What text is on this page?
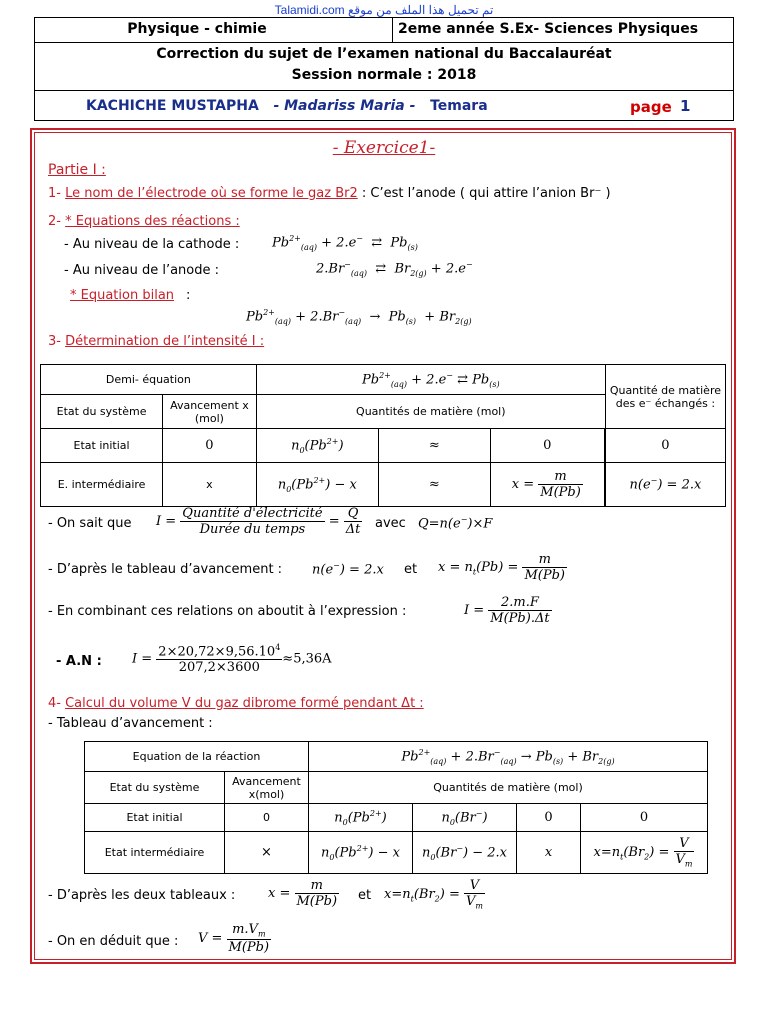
Talamidi.com تم تحميل هذا الملف من موقع
Physique - chimie	2eme année S.Ex- Sciences Physiques
Correction du sujet de l’examen national du Baccalauréat
Session normale : 2018
KACHICHE MUSTAPHA - Madariss Maria - Temara	page 1
- Exercice1-
Partie I :
1- Le nom de l’électrode où se forme le gaz Br2 : C’est l’anode ( qui attire l’anion Br⁻ )
2- * Equations des réactions :
- Au niveau de la cathode :	$Pb^{2+}_{(aq)} + 2.e^-$  ⇄  $Pb_{(s)}$
- Au niveau de l’anode :	$2.Br^-_{(aq)}$  ⇄  $Br_{2(g)} + 2.e^-$
* Equation bilan :
$Pb^{2+}_{(aq)} + 2.Br^-_{(aq)} \to Pb_{(s)} + Br_{2(g)}$
3- Détermination de l’intensité I :
Demi- équation		$Pb^{2+}_{(aq)} + 2.e^-$ ⇄ $Pb_{(s)}$			Quantité de matière des e⁻ échangés :
Etat du système	Avancement x (mol)	Quantités de matière (mol)			
Etat initial	0	$n_0(Pb^{2+})$	≈	0		0
E. intermédiaire	x	$n_0(Pb^{2+}) - x$	≈	$x = \frac{m}{M(Pb)}$		n(e−) = 2.x
- On sait que $I = \frac{\text{Quantité d'électricité}}{\text{Durée du temps}} = \frac{Q}{\Delta t}$ avec Q=n(e−)×F
- D’après le tableau d’avancement : n(e−) = 2.x et $x = n_t(Pb) = \frac{m}{M(Pb)}$
- En combinant ces relations on aboutit à l’expression :	$I = \frac{2.m.F}{M(Pb).\Delta t}$
- A.N : $I = \frac{2\times 20,72\times 9,56.10^4}{207,2\times 3600} \approx 5,36A$
4- Calcul du volume V du gaz dibrome formé pendant Δt :
- Tableau d’avancement :
Equation de la réaction		$Pb^{2+}_{(aq)} + 2.Br^-_{(aq)} \to Pb_{(s)} + Br_{2(g)}$
Etat du système	Avancement x(mol)	Quantités de matière (mol)			
Etat initial	0	$n_0(Pb^{2+})$	$n_0(Br^-)$	0	0
Etat intermédiaire	×	$n_0(Pb^{2+}) - x$	$n_0(Br^-) - 2.x$	x	$x=n_t(Br_2) = \frac{V}{V_m}$
- D’après les deux tableaux :	$x = \frac{m}{M(Pb)}$ et $x=n_t(Br_2) = \frac{V}{V_m}$
- On en déduit que : $V = \frac{m.V_m}{M(Pb)}$
